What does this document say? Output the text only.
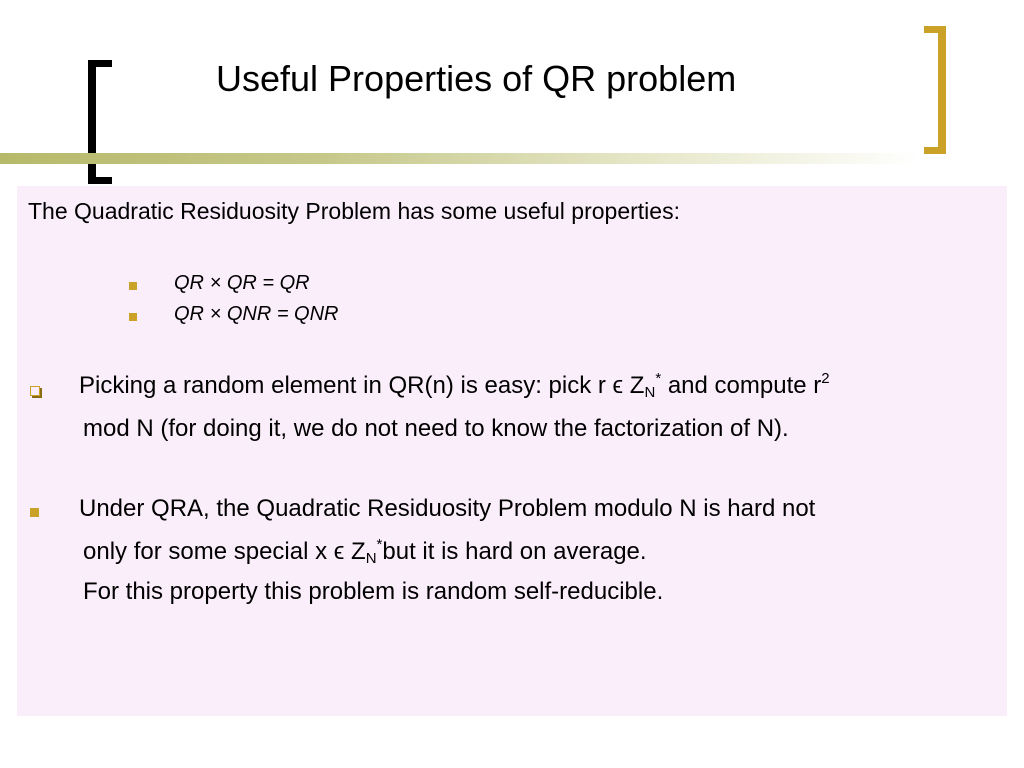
Useful Properties of QR problem
The Quadratic Residuosity Problem has some useful properties:
QR × QR = QR
QR × QNR = QNR
Picking a random element in QR(n) is easy: pick r ϵ $Z_N^*$ and compute $r^2$
mod N (for doing it, we do not need to know the factorization of N).
Under QRA, the Quadratic Residuosity Problem modulo N is hard not
only for some special x ϵ $Z_N^*but$ it is hard on average.
For this property this problem is random self-reducible.
